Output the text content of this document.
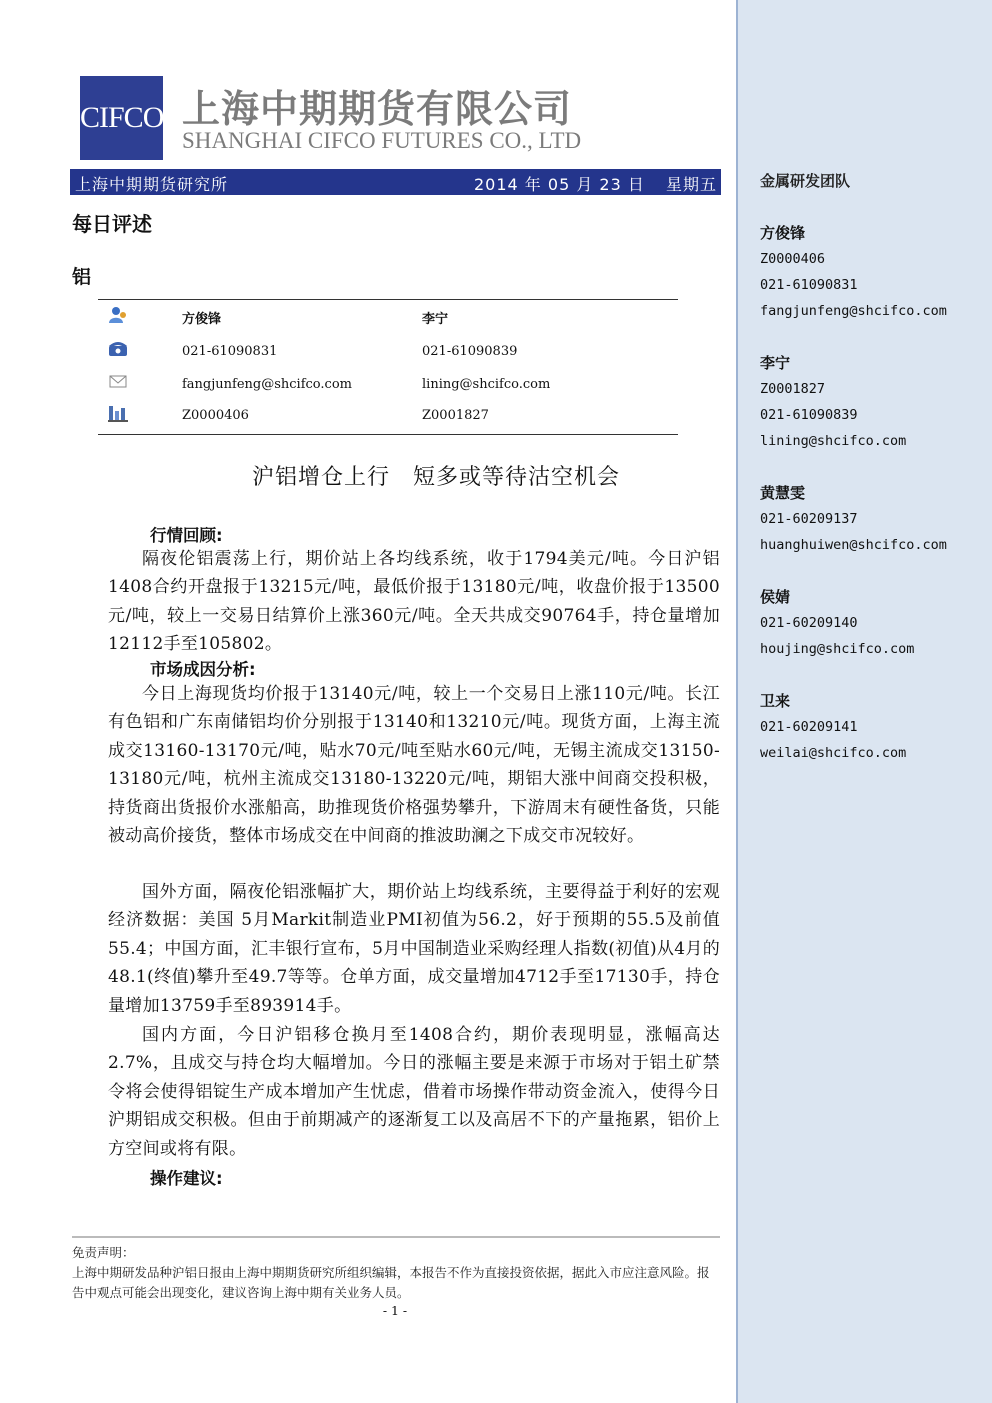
CIFCO 上海中期期货有限公司
SHANGHAI CIFCO FUTURES CO., LTD
上海中期期货研究所	2014 年 05 月 23 日 星期五
每日评述
铝
方俊锋	李宁
021-61090831	021-61090839
fangjunfeng@shcifco.com	lining@shcifco.com
Z0000406	Z0001827
沪铝增仓上行　短多或等待沽空机会
行情回顾:
隔夜伦铝震荡上行，期价站上各均线系统，收于1794美元/吨。今日沪铝1408合约开盘报于13215元/吨，最低价报于13180元/吨，收盘价报于13500元/吨，较上一交易日结算价上涨360元/吨。全天共成交90764手，持仓量增加12112手至105802。
市场成因分析:
今日上海现货均价报于13140元/吨，较上一个交易日上涨110元/吨。长江有色铝和广东南储铝均价分别报于13140和13210元/吨。现货方面，上海主流成交13160-13170元/吨，贴水70元/吨至贴水60元/吨，无锡主流成交13150-13180元/吨，杭州主流成交13180-13220元/吨，期铝大涨中间商交投积极，持货商出货报价水涨船高，助推现货价格强势攀升，下游周末有硬性备货，只能被动高价接货，整体市场成交在中间商的推波助澜之下成交市况较好。
国外方面，隔夜伦铝涨幅扩大，期价站上均线系统，主要得益于利好的宏观经济数据：美国 5月Markit制造业PMI初值为56.2，好于预期的55.5及前值55.4；中国方面，汇丰银行宣布，5月中国制造业采购经理人指数(初值)从4月的48.1(终值)攀升至49.7等等。仓单方面，成交量增加4712手至17130手，持仓量增加13759手至893914手。
国内方面，今日沪铝移仓换月至1408合约，期价表现明显，涨幅高达2.7%，且成交与持仓均大幅增加。今日的涨幅主要是来源于市场对于铝土矿禁令将会使得铝锭生产成本增加产生忧虑，借着市场操作带动资金流入，使得今日沪期铝成交积极。但由于前期减产的逐渐复工以及高居不下的产量拖累，铝价上方空间或将有限。
操作建议:
免责声明：
上海中期研发品种沪铝日报由上海中期期货研究所组织编辑，本报告不作为直接投资依据，据此入市应注意风险。报告中观点可能会出现变化，建议咨询上海中期有关业务人员。
- 1 -
金属研发团队
方俊锋
Z0000406
021-61090831
fangjunfeng@shcifco.com
李宁
Z0001827
021-61090839
lining@shcifco.com
黄慧雯
021-60209137
huanghuiwen@shcifco.com
侯婧
021-60209140
houjing@shcifco.com
卫来
021-60209141
weilai@shcifco.com
